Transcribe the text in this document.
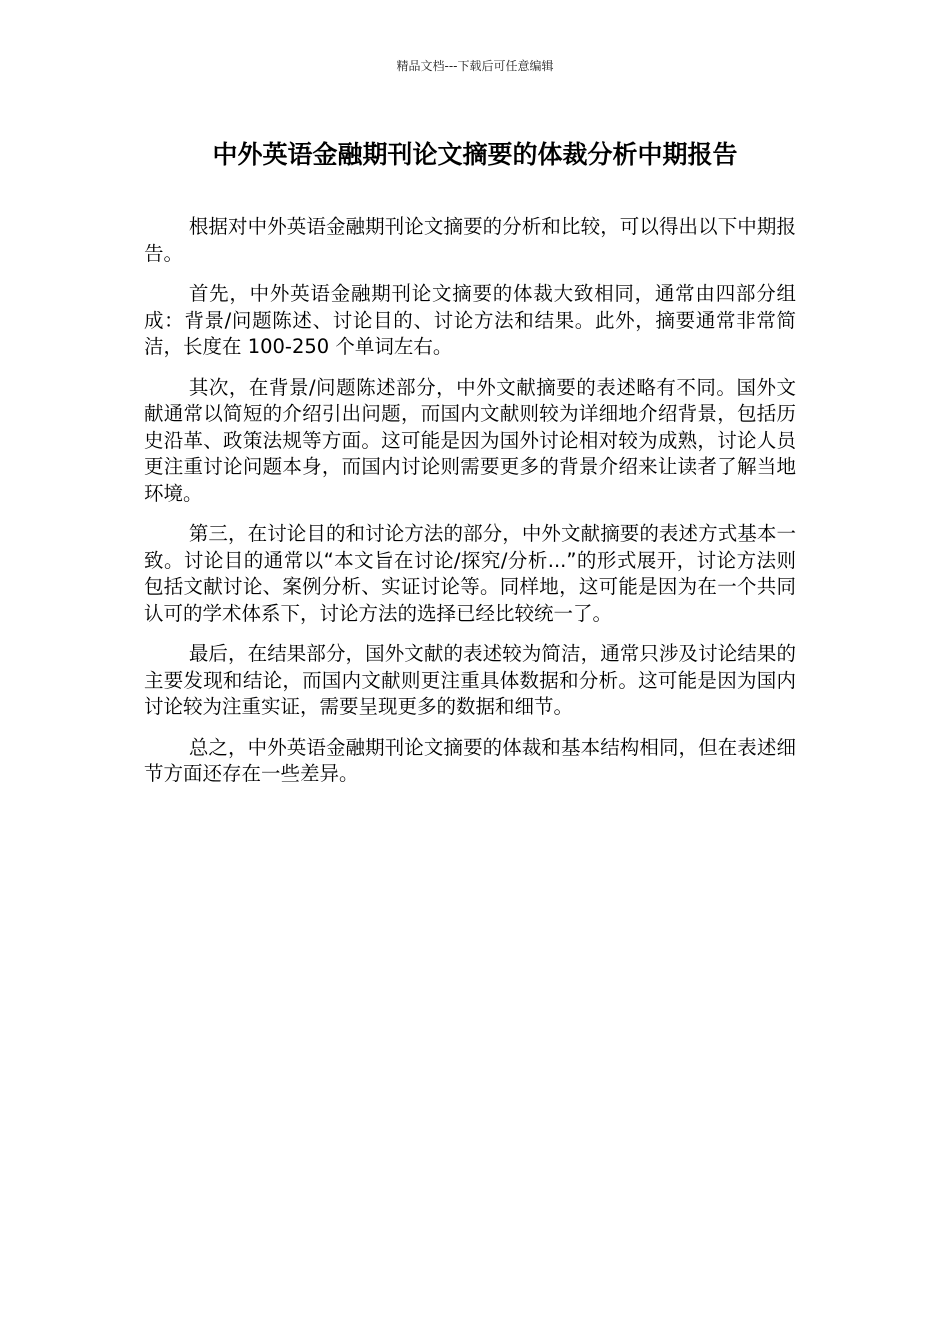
精品文档---下载后可任意编辑
中外英语金融期刊论文摘要的体裁分析中期报告

根据对中外英语金融期刊论文摘要的分析和比较，可以得出以下中期报告。

首先，中外英语金融期刊论文摘要的体裁大致相同，通常由四部分组成：背景/问题陈述、讨论目的、讨论方法和结果。此外，摘要通常非常简洁，长度在 100-250 个单词左右。

其次，在背景/问题陈述部分，中外文献摘要的表述略有不同。国外文献通常以简短的介绍引出问题，而国内文献则较为详细地介绍背景，包括历史沿革、政策法规等方面。这可能是因为国外讨论相对较为成熟，讨论人员更注重讨论问题本身，而国内讨论则需要更多的背景介绍来让读者了解当地环境。

第三，在讨论目的和讨论方法的部分，中外文献摘要的表述方式基本一致。讨论目的通常以“本文旨在讨论/探究/分析...”的形式展开，讨论方法则包括文献讨论、案例分析、实证讨论等。同样地，这可能是因为在一个共同认可的学术体系下，讨论方法的选择已经比较统一了。

最后，在结果部分，国外文献的表述较为简洁，通常只涉及讨论结果的主要发现和结论，而国内文献则更注重具体数据和分析。这可能是因为国内讨论较为注重实证，需要呈现更多的数据和细节。

总之，中外英语金融期刊论文摘要的体裁和基本结构相同，但在表述细节方面还存在一些差异。
